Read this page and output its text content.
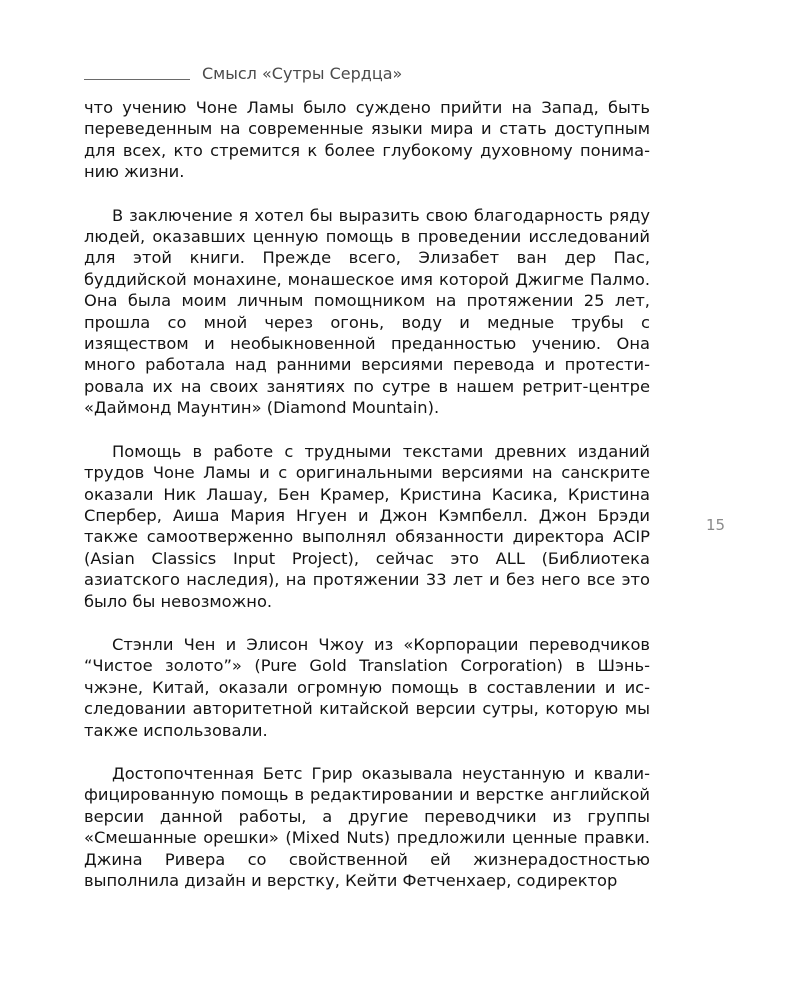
Смысл «Сутры Сердца»

что учению Чоне Ламы было суждено прийти на Запад, быть переведенным на современные языки мира и стать доступным для всех, кто стремится к более глубокому духовному пониманию жизни.

В заключение я хотел бы выразить свою благодарность ряду людей, оказавших ценную помощь в проведении исследований для этой книги. Прежде всего, Элизабет ван дер Пас, буддийской монахине, монашеское имя которой Джигме Палмо. Она была моим личным помощником на протяжении 25 лет, прошла со мной через огонь, воду и медные трубы с изяществом и необыкновенной преданностью учению. Она много работала над ранними версиями перевода и протестировала их на своих занятиях по сутре в нашем ретрит-центре «Даймонд Маунтин» (Diamond Mountain).

Помощь в работе с трудными текстами древних изданий трудов Чоне Ламы и с оригинальными версиями на санскрите оказали Ник Лашау, Бен Крамер, Кристина Касика, Кристина Спербер, Аиша Мария Нгуен и Джон Кэмпбелл. Джон Брэди также самоотверженно выполнял обязанности директора ACIP (Asian Classics Input Project), сейчас это ALL (Библиотека азиатского наследия), на протяжении 33 лет и без него все это было бы невозможно.

Стэнли Чен и Элисон Чжоу из «Корпорации переводчиков “Чистое золото”» (Pure Gold Translation Corporation) в Шэньчжэне, Китай, оказали огромную помощь в составлении и исследовании авторитетной китайской версии сутры, которую мы также использовали.

Достопочтенная Бетс Грир оказывала неустанную и квалифицированную помощь в редактировании и верстке английской версии данной работы, а другие переводчики из группы «Смешанные орешки» (Mixed Nuts) предложили ценные правки. Джина Ривера со свойственной ей жизнерадостностью выполнила дизайн и верстку, Кейти Фетченхаер, содиректор

15
